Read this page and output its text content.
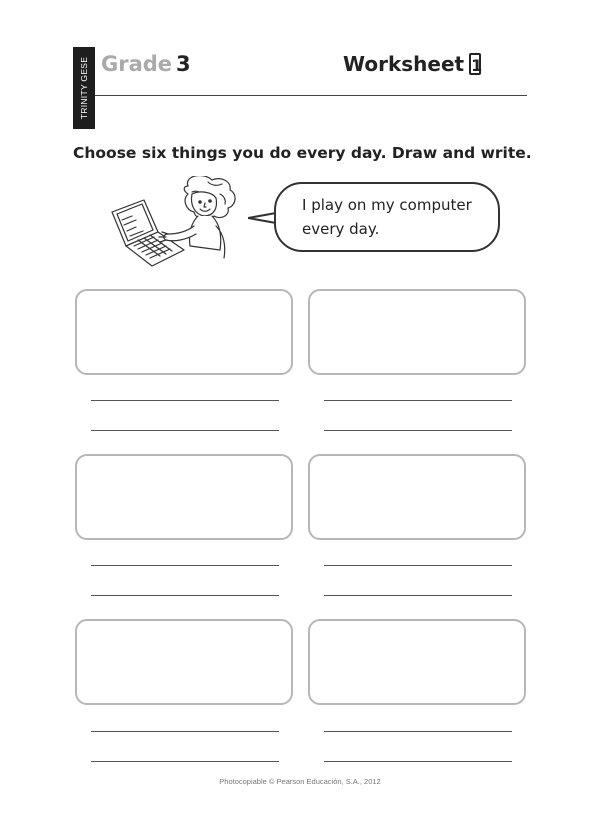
TRINITY GESE Grade 3	Worksheet 1
Choose six things you do every day. Draw and write.
I play on my computer
every day.
Photocopiable © Pearson Educación, S.A., 2012
